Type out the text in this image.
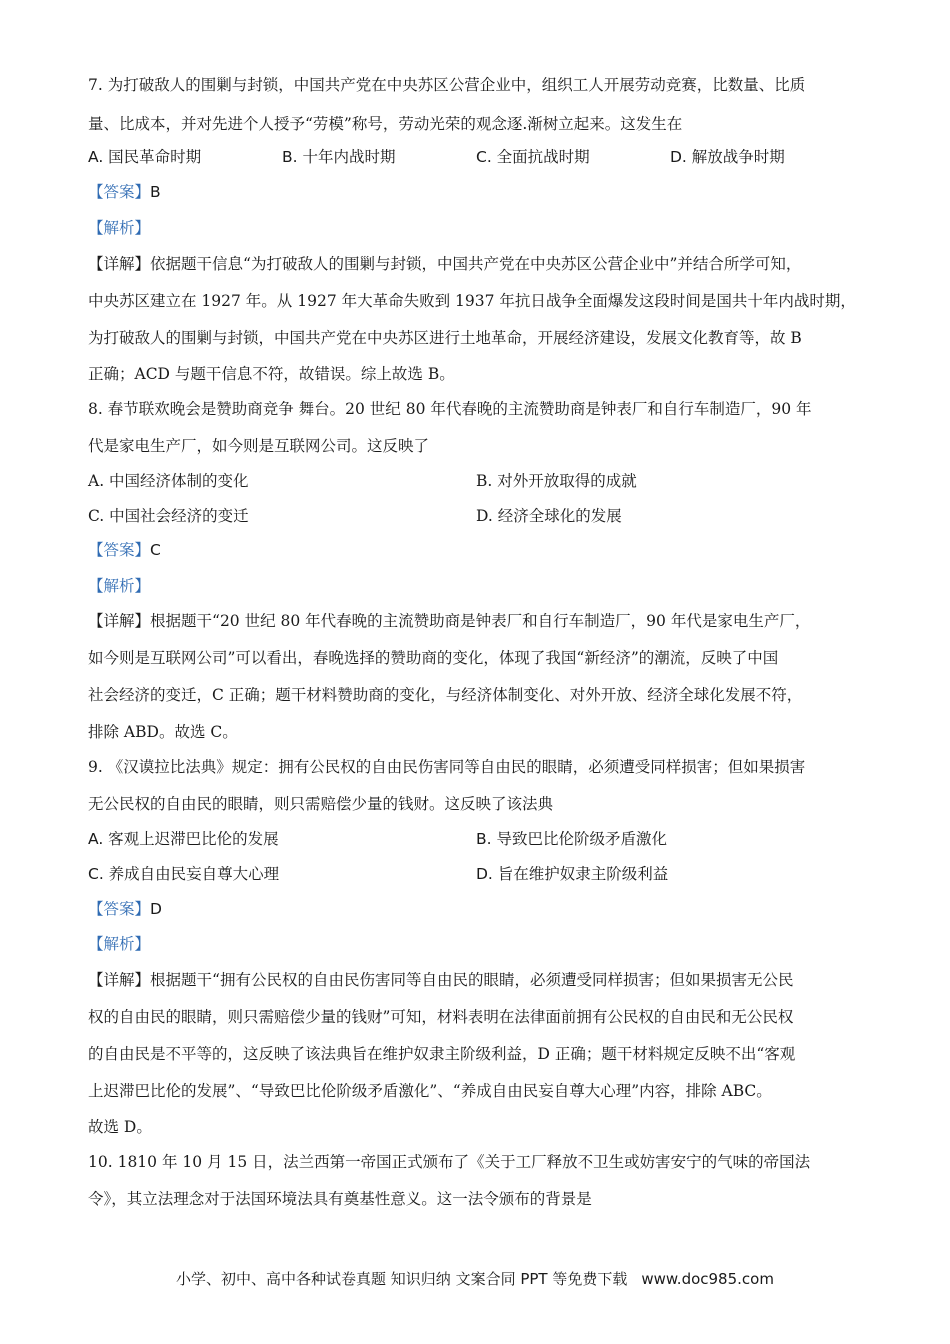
7. 为打破敌人的围剿与封锁，中国共产党在中央苏区公营企业中，组织工人开展劳动竞赛，比数量、比质
量、比成本，并对先进个人授予“劳模”称号，劳动光荣的观念逐.渐树立起来。这发生在
A. 国民革命时期	B. 十年内战时期	C. 全面抗战时期	D. 解放战争时期
【答案】B
【解析】
【详解】依据题干信息“为打破敌人的围剿与封锁，中国共产党在中央苏区公营企业中”并结合所学可知，
中央苏区建立在 1927 年。从 1927 年大革命失败到 1937 年抗日战争全面爆发这段时间是国共十年内战时期，
为打破敌人的围剿与封锁，中国共产党在中央苏区进行土地革命，开展经济建设，发展文化教育等，故 B
正确；ACD 与题干信息不符，故错误。综上故选 B。
8. 春节联欢晚会是赞助商竞争 舞台。20 世纪 80 年代春晚的主流赞助商是钟表厂和自行车制造厂，90 年
代是家电生产厂，如今则是互联网公司。这反映了
A. 中国经济体制的变化	B. 对外开放取得的成就
C. 中国社会经济的变迁	D. 经济全球化的发展
【答案】C
【解析】
【详解】根据题干“20 世纪 80 年代春晚的主流赞助商是钟表厂和自行车制造厂，90 年代是家电生产厂，
如今则是互联网公司”可以看出，春晚选择的赞助商的变化，体现了我国“新经济”的潮流，反映了中国
社会经济的变迁，C 正确；题干材料赞助商的变化，与经济体制变化、对外开放、经济全球化发展不符，
排除 ABD。故选 C。
9. 《汉谟拉比法典》规定：拥有公民权的自由民伤害同等自由民的眼睛，必须遭受同样损害；但如果损害
无公民权的自由民的眼睛，则只需赔偿少量的钱财。这反映了该法典
A. 客观上迟滞巴比伦的发展	B. 导致巴比伦阶级矛盾激化
C. 养成自由民妄自尊大心理	D. 旨在维护奴隶主阶级利益
【答案】D
【解析】
【详解】根据题干“拥有公民权的自由民伤害同等自由民的眼睛，必须遭受同样损害；但如果损害无公民
权的自由民的眼睛，则只需赔偿少量的钱财”可知，材料表明在法律面前拥有公民权的自由民和无公民权
的自由民是不平等的，这反映了该法典旨在维护奴隶主阶级利益，D 正确；题干材料规定反映不出“客观
上迟滞巴比伦的发展”、“导致巴比伦阶级矛盾激化”、“养成自由民妄自尊大心理”内容，排除 ABC。
故选 D。
10. 1810 年 10 月 15 日，法兰西第一帝国正式颁布了《关于工厂释放不卫生或妨害安宁的气味的帝国法
令》，其立法理念对于法国环境法具有奠基性意义。这一法令颁布的背景是
小学、初中、高中各种试卷真题 知识归纳 文案合同 PPT 等免费下载 www.doc985.com
